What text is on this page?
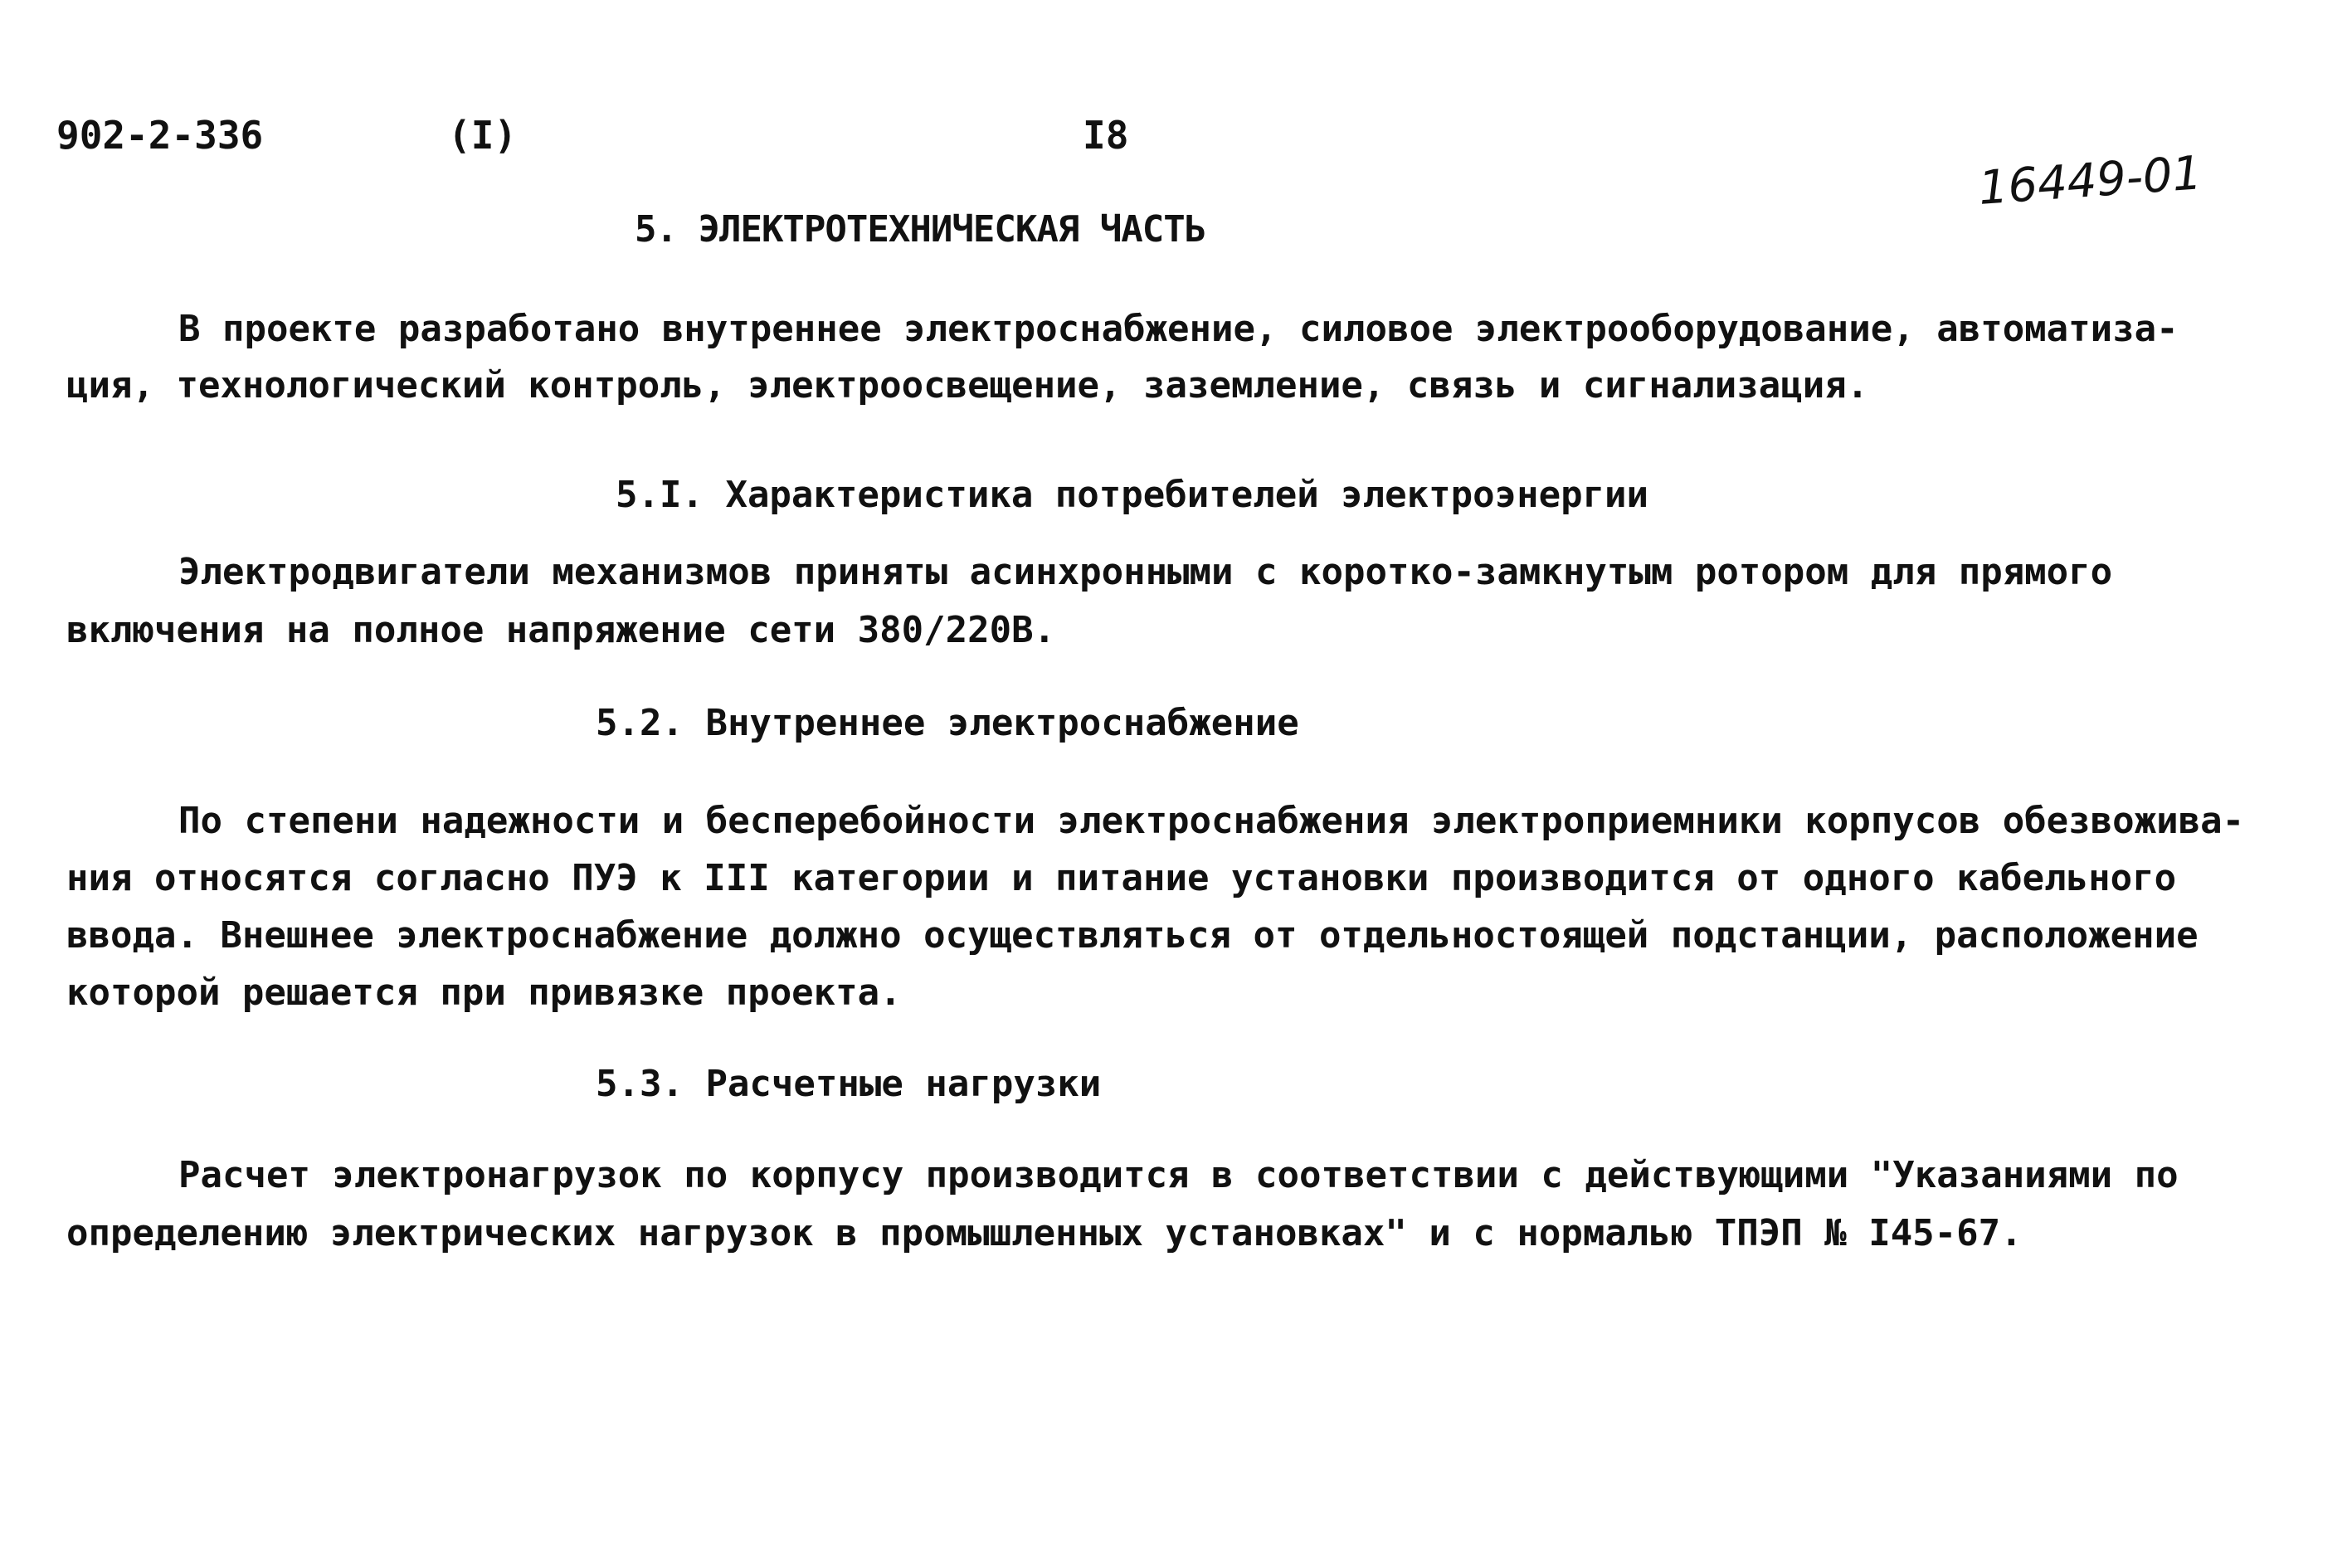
902-2-336	(I)	I8
16449-01
5. ЭЛЕКТРОТЕХНИЧЕСКАЯ ЧАСТЬ
В проекте разработано внутреннее электроснабжение, силовое электрооборудование, автоматиза-
ция, технологический контроль, электроосвещение, заземление, связь и сигнализация.
5.I. Характеристика потребителей электроэнергии
Электродвигатели механизмов приняты асинхронными с коротко-замкнутым ротором для прямого
включения на полное напряжение сети 380/220В.
5.2. Внутреннее электроснабжение
По степени надежности и бесперебойности электроснабжения электроприемники корпусов обезвожива-
ния относятся согласно ПУЭ к III категории и питание установки производится от одного кабельного
ввода. Внешнее электроснабжение должно осуществляться от отдельностоящей подстанции, расположение
которой решается при привязке проекта.
5.3. Расчетные нагрузки
Расчет электронагрузок по корпусу производится в соответствии с действующими "Указаниями по
определению электрических нагрузок в промышленных установках" и с нормалью ТПЭП № I45-67.
